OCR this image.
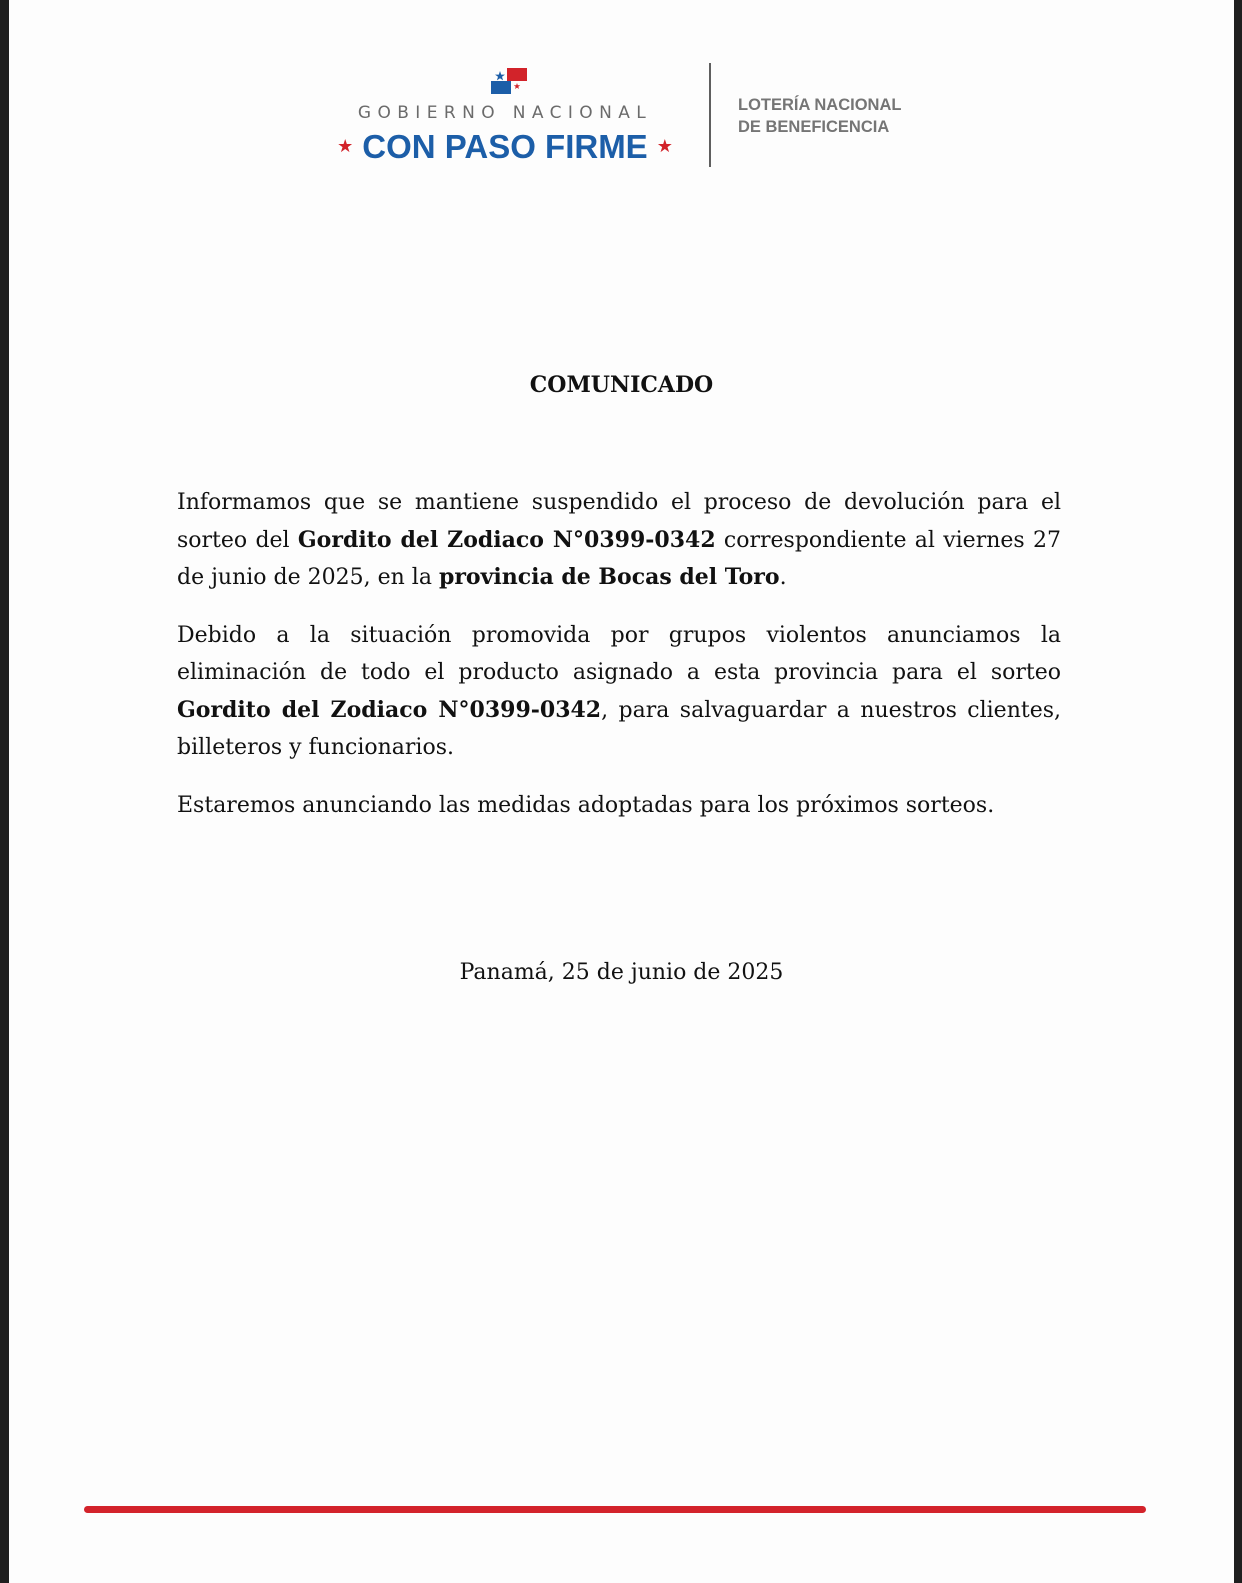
GOBIERNO NACIONAL
★ CON PASO FIRME ★
LOTERÍA NACIONAL
DE BENEFICENCIA
COMUNICADO

Informamos que se mantiene suspendido el proceso de devolución para el sorteo del Gordito del Zodiaco N°0399-0342 correspondiente al viernes 27 de junio de 2025, en la provincia de Bocas del Toro.

Debido a la situación promovida por grupos violentos anunciamos la eliminación de todo el producto asignado a esta provincia para el sorteo Gordito del Zodiaco N°0399-0342, para salvaguardar a nuestros clientes, billeteros y funcionarios.

Estaremos anunciando las medidas adoptadas para los próximos sorteos.

Panamá, 25 de junio de 2025
